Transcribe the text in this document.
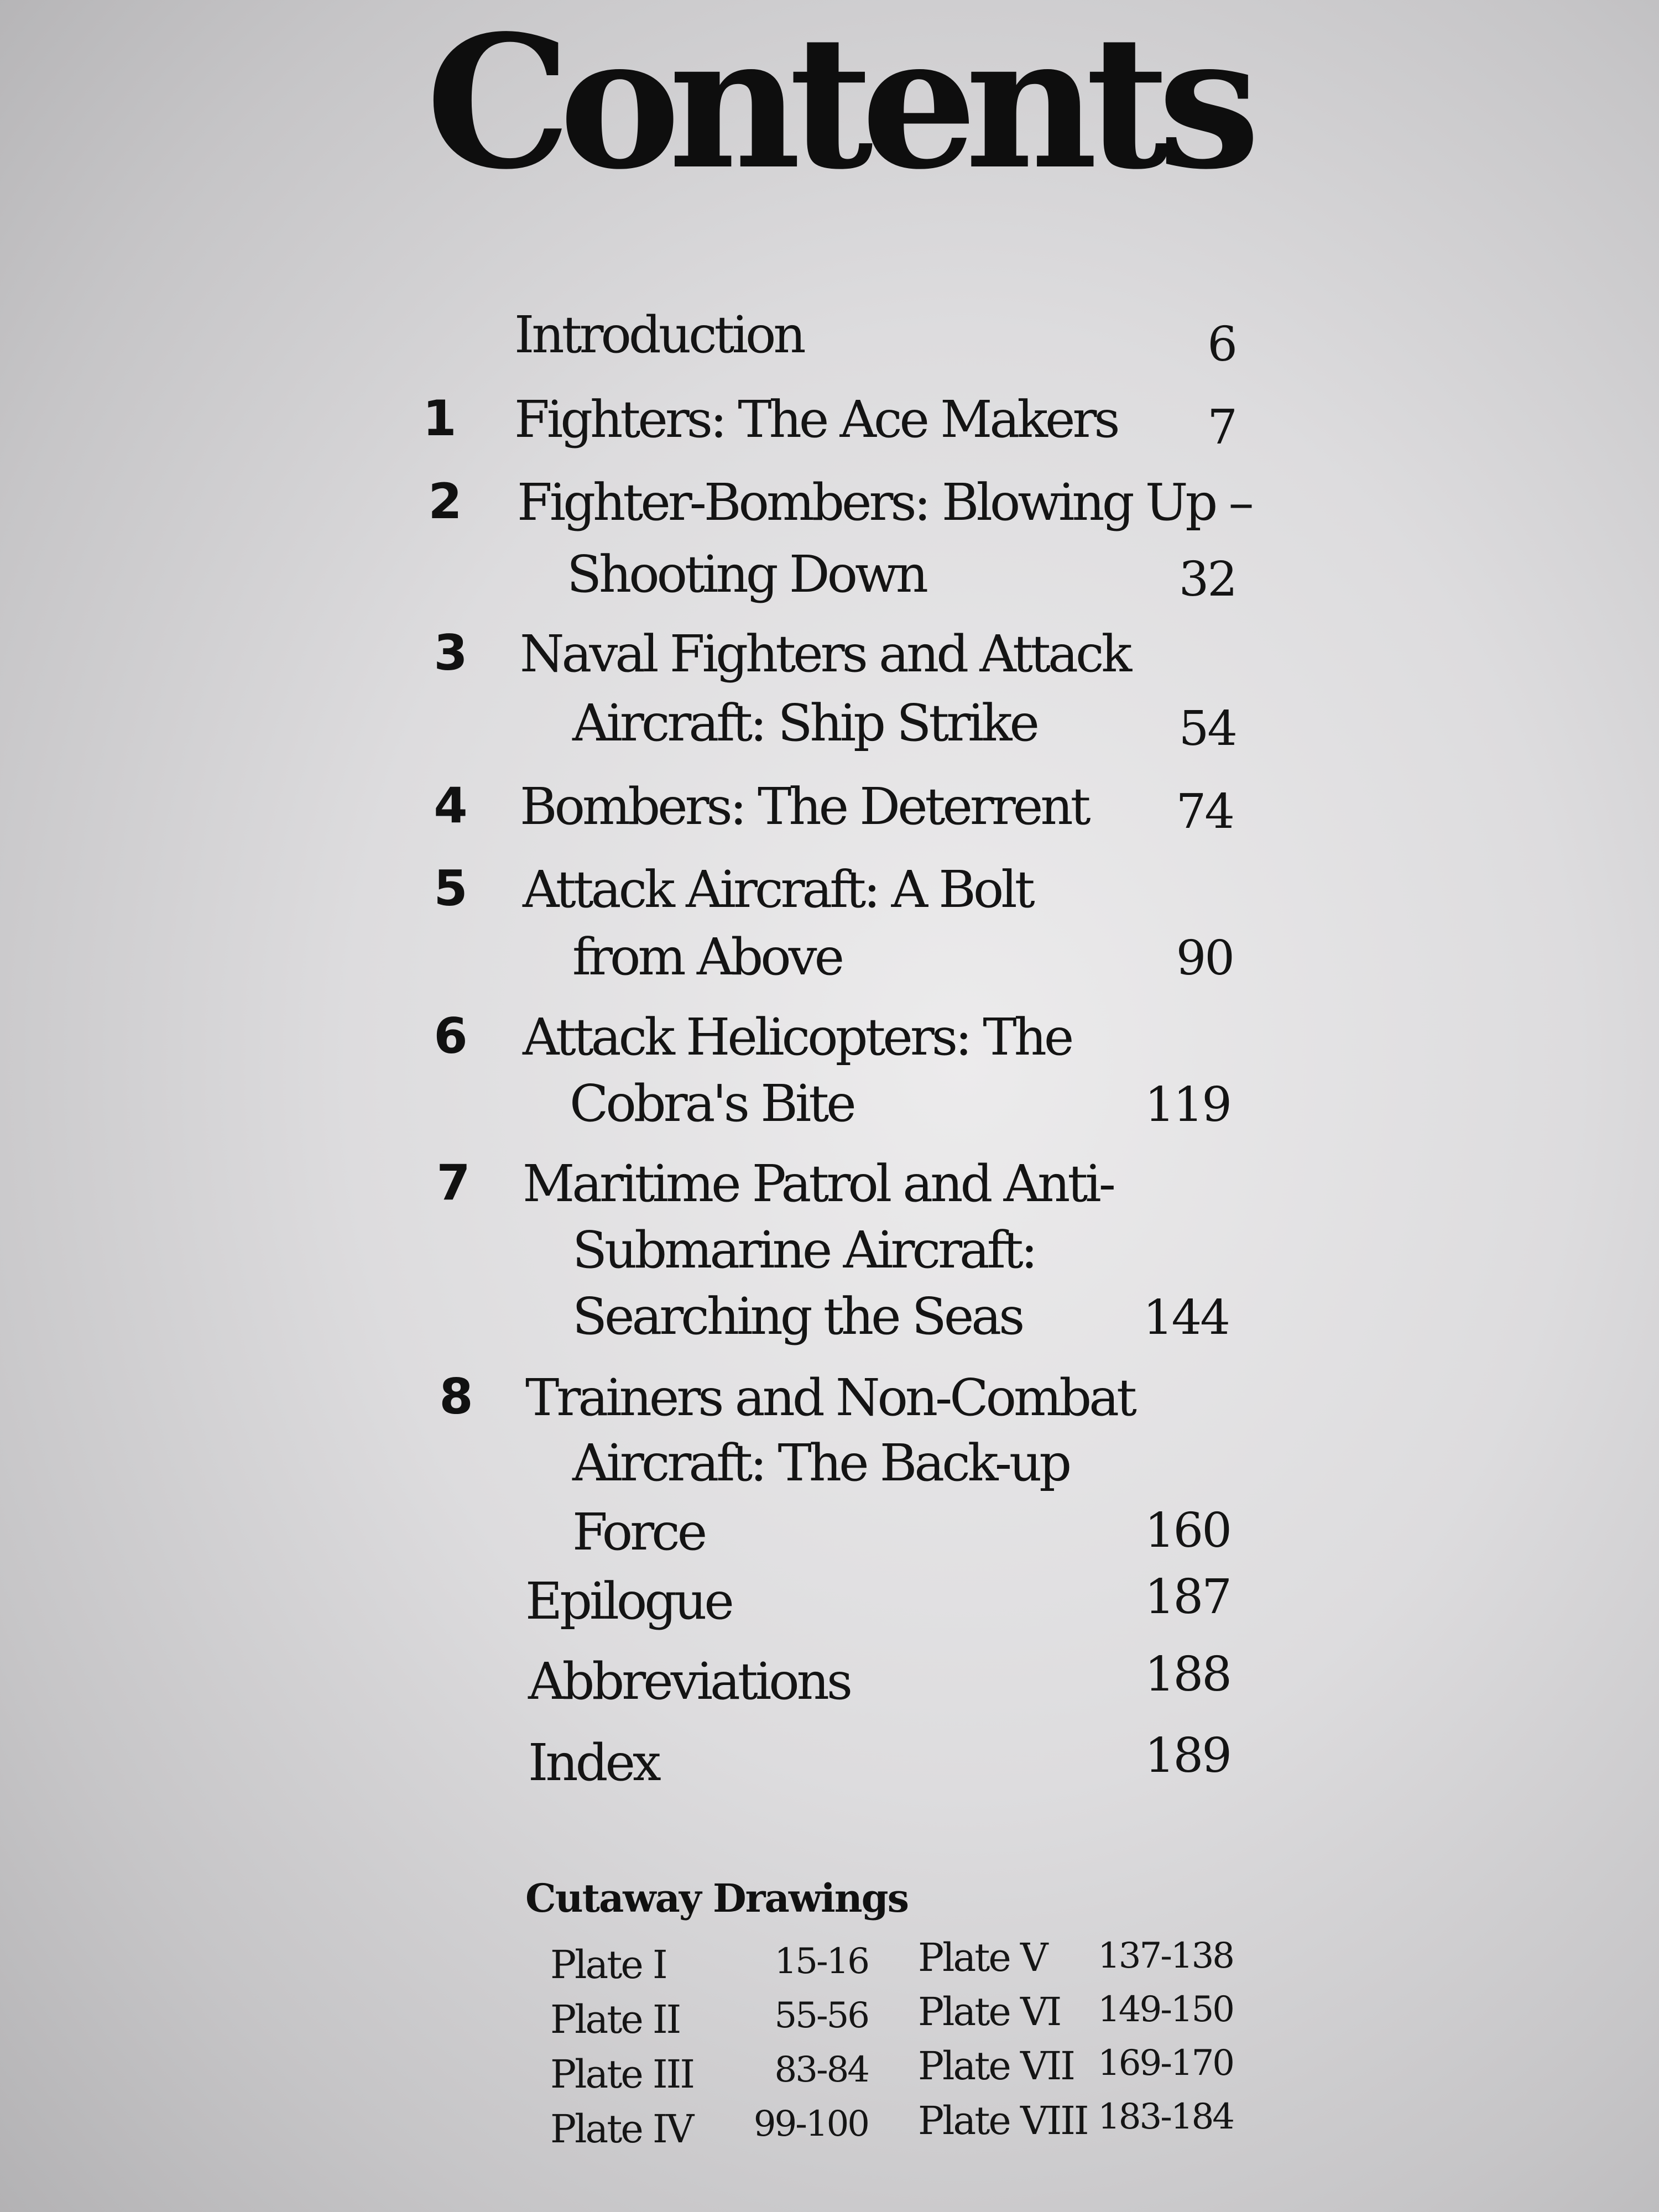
Contents
Introduction	6
1 Fighters: The Ace Makers	7
2 Fighter-Bombers: Blowing Up –
Shooting Down	32
3 Naval Fighters and Attack
Aircraft: Ship Strike	54
4 Bombers: The Deterrent	74
5 Attack Aircraft: A Bolt
from Above	90
6 Attack Helicopters: The
Cobra's Bite	119
7 Maritime Patrol and Anti-
Submarine Aircraft:
Searching the Seas	144
8 Trainers and Non-Combat
Aircraft: The Back-up
Force	160
Epilogue	187
Abbreviations	188
Index	189
Cutaway Drawings
Plate I	15-16
Plate II	55-56
Plate III	83-84
Plate IV	99-100
Plate V	137-138
Plate VI	149-150
Plate VII 169-170
Plate VIII 183-184
